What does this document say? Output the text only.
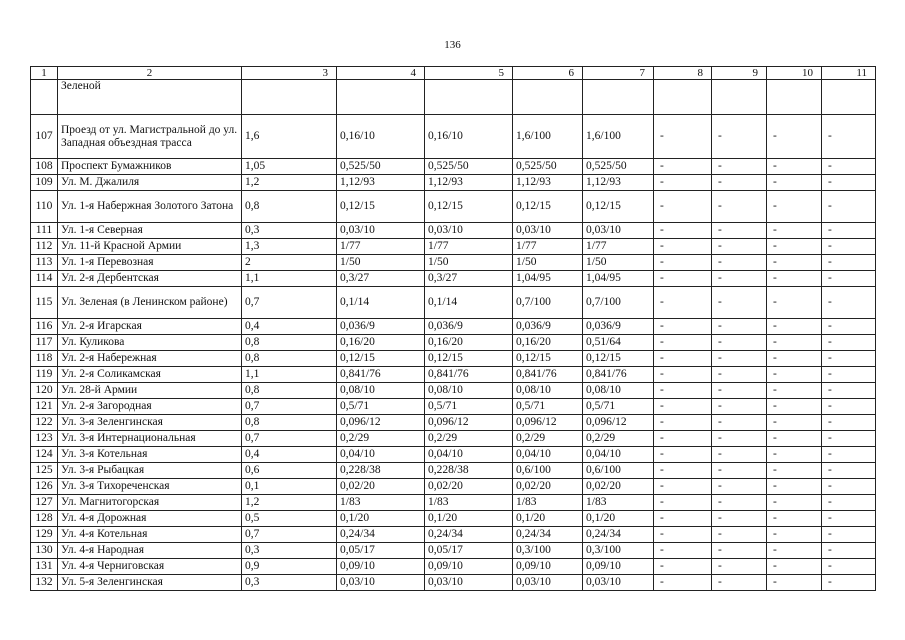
136
1	2	3	4	5	6	7	8	9	10	11
	Зеленой									
107	Проезд от ул. Магистральной до ул. Западная объездная трасса	1,6	0,16/10	0,16/10	1,6/100	1,6/100	-	-	-	-
108	Проспект Бумажников	1,05	0,525/50	0,525/50	0,525/50	0,525/50	-	-	-	-
109	Ул. М. Джалиля	1,2	1,12/93	1,12/93	1,12/93	1,12/93	-	-	-	-
110	Ул. 1-я Набержная Золотого Затона	0,8	0,12/15	0,12/15	0,12/15	0,12/15	-	-	-	-
111	Ул. 1-я Северная	0,3	0,03/10	0,03/10	0,03/10	0,03/10	-	-	-	-
112	Ул. 11-й Красной Армии	1,3	1/77	1/77	1/77	1/77	-	-	-	-
113	Ул. 1-я Перевозная	2	1/50	1/50	1/50	1/50	-	-	-	-
114	Ул. 2-я Дербентская	1,1	0,3/27	0,3/27	1,04/95	1,04/95	-	-	-	-
115	Ул. Зеленая (в Ленинском районе)	0,7	0,1/14	0,1/14	0,7/100	0,7/100	-	-	-	-
116	Ул. 2-я Игарская	0,4	0,036/9	0,036/9	0,036/9	0,036/9	-	-	-	-
117	Ул. Куликова	0,8	0,16/20	0,16/20	0,16/20	0,51/64	-	-	-	-
118	Ул. 2-я Набережная	0,8	0,12/15	0,12/15	0,12/15	0,12/15	-	-	-	-
119	Ул. 2-я Соликамская	1,1	0,841/76	0,841/76	0,841/76	0,841/76	-	-	-	-
120	Ул. 28-й Армии	0,8	0,08/10	0,08/10	0,08/10	0,08/10	-	-	-	-
121	Ул. 2-я Загородная	0,7	0,5/71	0,5/71	0,5/71	0,5/71	-	-	-	-
122	Ул. 3-я Зеленгинская	0,8	0,096/12	0,096/12	0,096/12	0,096/12	-	-	-	-
123	Ул. 3-я Интернациональная	0,7	0,2/29	0,2/29	0,2/29	0,2/29	-	-	-	-
124	Ул. 3-я Котельная	0,4	0,04/10	0,04/10	0,04/10	0,04/10	-	-	-	-
125	Ул. 3-я Рыбацкая	0,6	0,228/38	0,228/38	0,6/100	0,6/100	-	-	-	-
126	Ул. 3-я Тихореченская	0,1	0,02/20	0,02/20	0,02/20	0,02/20	-	-	-	-
127	Ул. Магнитогорская	1,2	1/83	1/83	1/83	1/83	-	-	-	-
128	Ул. 4-я Дорожная	0,5	0,1/20	0,1/20	0,1/20	0,1/20	-	-	-	-
129	Ул. 4-я Котельная	0,7	0,24/34	0,24/34	0,24/34	0,24/34	-	-	-	-
130	Ул. 4-я Народная	0,3	0,05/17	0,05/17	0,3/100	0,3/100	-	-	-	-
131	Ул. 4-я Черниговская	0,9	0,09/10	0,09/10	0,09/10	0,09/10	-	-	-	-
132	Ул. 5-я Зеленгинская	0,3	0,03/10	0,03/10	0,03/10	0,03/10	-	-	-	-
